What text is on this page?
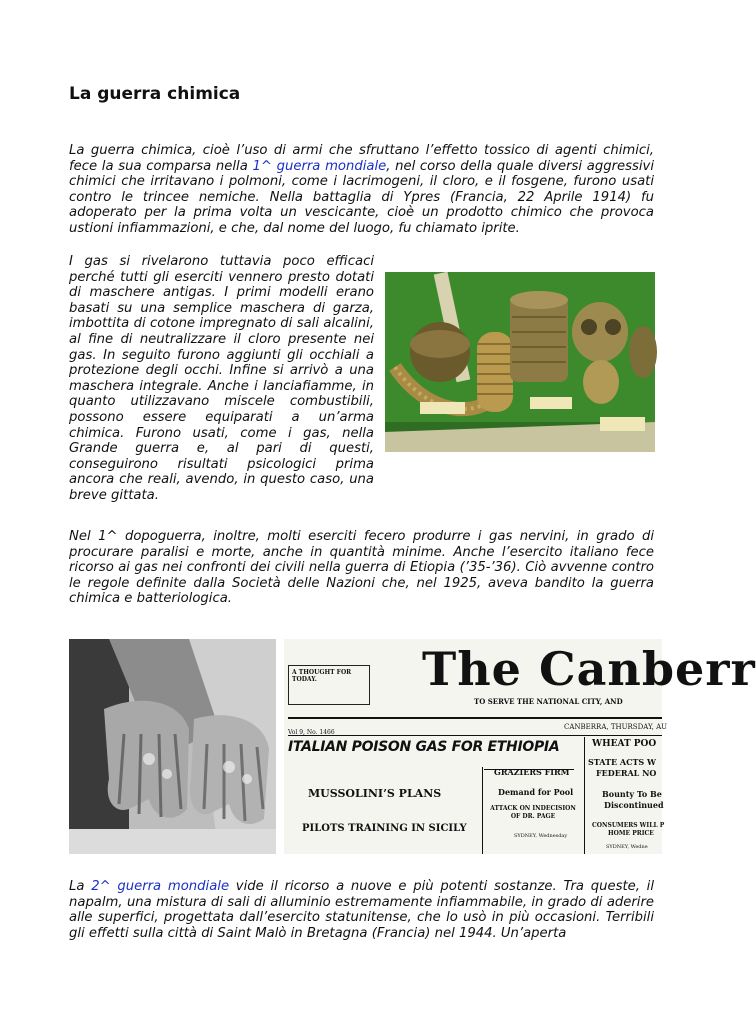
La guerra chimica

La guerra chimica, cioè l’uso di armi che sfruttano l’effetto tossico di agenti chimici, fece la sua comparsa nella 1^ guerra mondiale, nel corso della quale diversi aggressivi chimici che irritavano i polmoni, come i lacrimogeni, il cloro, e il fosgene, furono usati contro le trincee nemiche. Nella battaglia di Ypres (Francia, 22 Aprile 1914) fu adoperato per la prima volta un vescicante, cioè un prodotto chimico che provoca ustioni infiammazioni, e che, dal nome del luogo, fu chiamato iprite.

I gas si rivelarono tuttavia poco efficaci perché tutti gli eserciti vennero presto dotati di maschere antigas. I primi modelli erano basati su una semplice maschera di garza, imbottita di cotone impregnato di sali alcalini, al fine di neutralizzare il cloro presente nei gas. In seguito furono aggiunti gli occhiali a protezione degli occhi. Infine si arrivò a una maschera integrale. Anche i lanciafiamme, in quanto utilizzavano miscele combustibili, possono essere equiparati a un’arma chimica. Furono usati, come i gas, nella Grande guerra e, al pari di questi, conseguirono risultati psicologici prima ancora che reali, avendo, in questo caso, una breve gittata.

Nel 1^ dopoguerra, inoltre, molti eserciti fecero produrre i gas nervini, in grado di procurare paralisi e morte, anche in quantità minime. Anche l’esercito italiano fece ricorso ai gas nei confronti dei civili nella guerra di Etiopia (’35-’36). Ciò avvenne contro le regole definite dalla Società delle Nazioni che, nel 1925, aveva bandito la guerra chimica e batteriologica.

A THOUGHT FOR TODAY.	The Canberr
TO SERVE THE NATIONAL CITY, AND
Vol 9, No. 1466
CANBERRA, THURSDAY, AU
ITALIAN POISON GAS FOR ETHIOPIA
MUSSOLINI’S PLANS
PILOTS TRAINING IN SICILY
GRAZIERS FIRM
Demand for Pool
ATTACK ON INDECISION OF DR. PAGE
SYDNEY, Wednesday
WHEAT POO
STATE ACTS W
FEDERAL NO
Bounty To Be
Discontinued
CONSUMERS WILL P
HOME PRICE
SYDNEY, Wedne

La 2^ guerra mondiale vide il ricorso a nuove e più potenti sostanze. Tra queste, il napalm, una mistura di sali di alluminio estremamente infiammabile, in grado di aderire alle superfici, progettata dall’esercito statunitense, che lo usò in più occasioni. Terribili gli effetti sulla città di Saint Malò in Bretagna (Francia) nel 1944. Un’aperta
